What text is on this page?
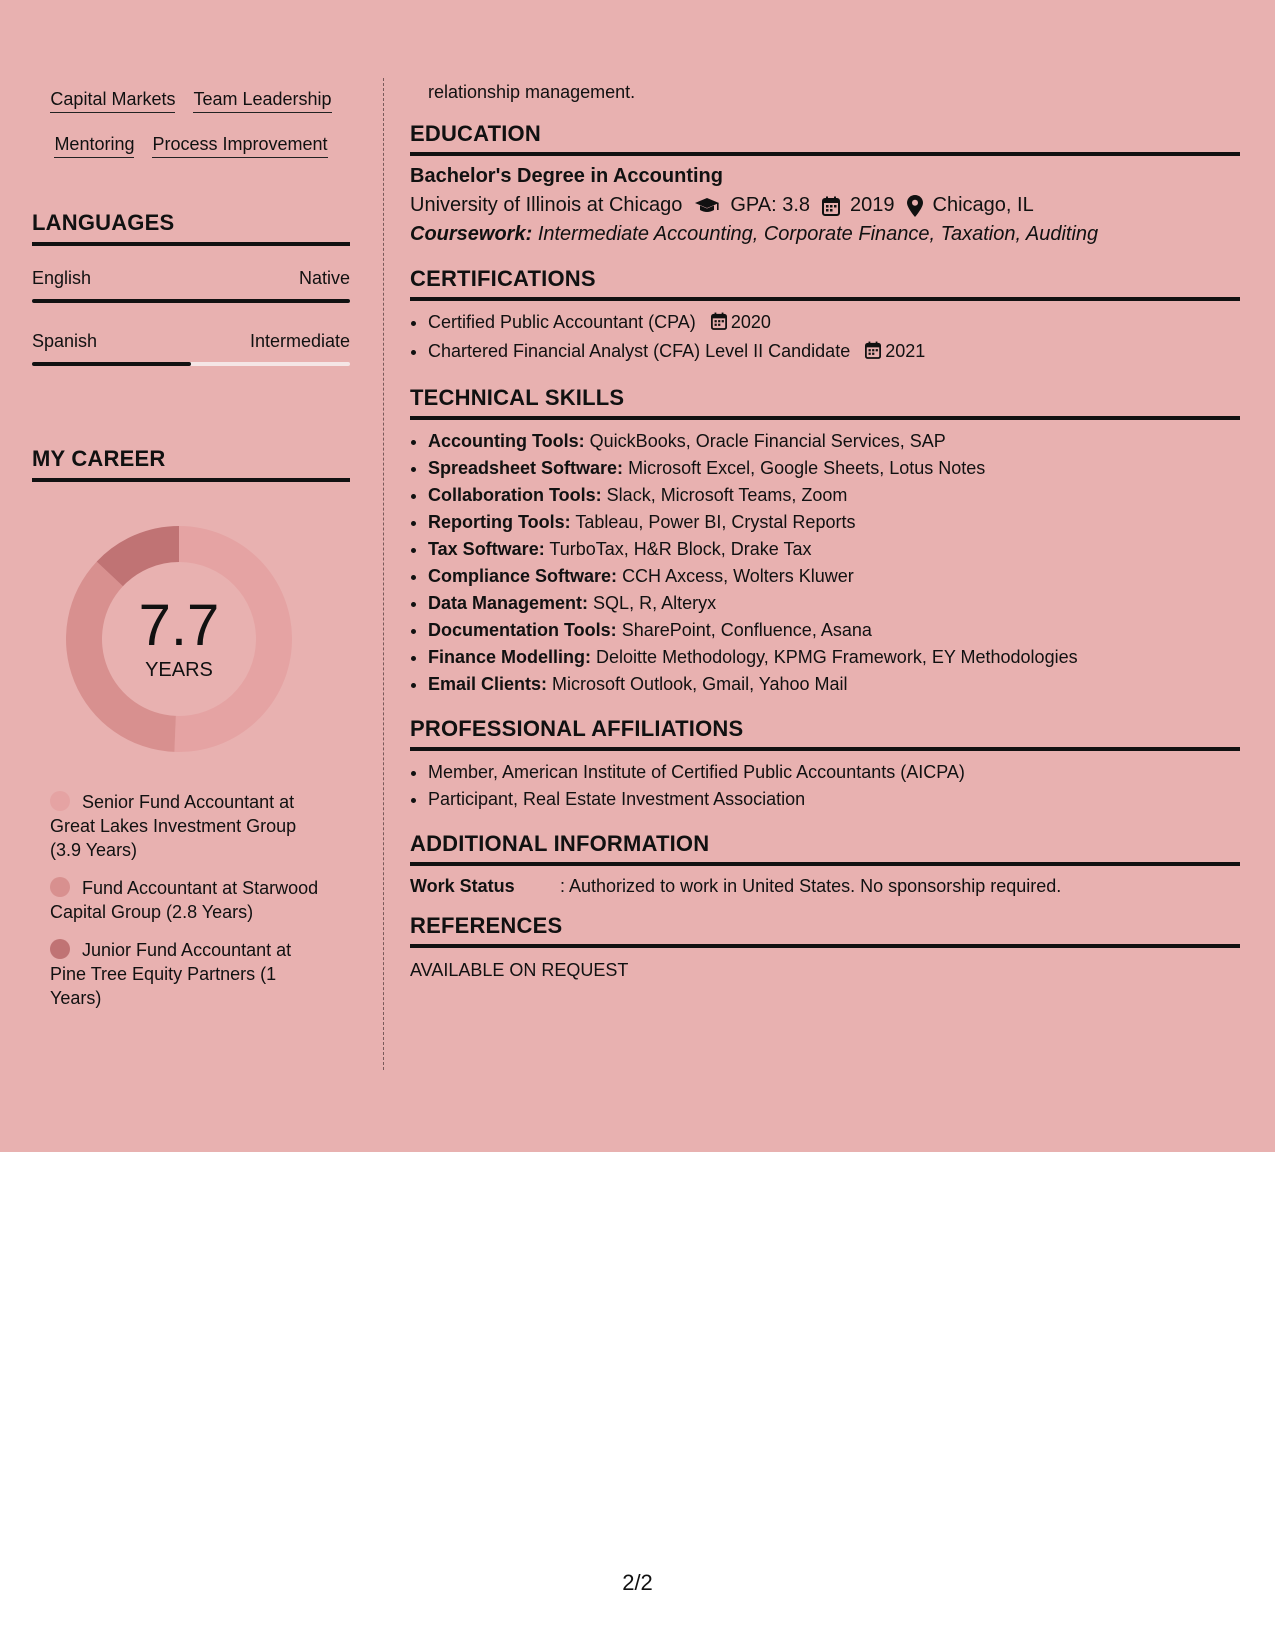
Capital Markets Team Leadership
Mentoring Process Improvement
LANGUAGES
English	Native
Spanish	Intermediate
MY CAREER
7.7
YEARS
Senior Fund Accountant at Great Lakes Investment Group (3.9 Years)
Fund Accountant at Starwood Capital Group (2.8 Years)
Junior Fund Accountant at Pine Tree Equity Partners (1 Years)
relationship management.
EDUCATION
Bachelor's Degree in Accounting
University of Illinois at Chicago GPA: 3.8 2019 Chicago, IL
Coursework: Intermediate Accounting, Corporate Finance, Taxation, Auditing
CERTIFICATIONS
• Certified Public Accountant (CPA) 2020
• Chartered Financial Analyst (CFA) Level II Candidate 2021
TECHNICAL SKILLS
• Accounting Tools: QuickBooks, Oracle Financial Services, SAP
• Spreadsheet Software: Microsoft Excel, Google Sheets, Lotus Notes
• Collaboration Tools: Slack, Microsoft Teams, Zoom
• Reporting Tools: Tableau, Power BI, Crystal Reports
• Tax Software: TurboTax, H&R Block, Drake Tax
• Compliance Software: CCH Axcess, Wolters Kluwer
• Data Management: SQL, R, Alteryx
• Documentation Tools: SharePoint, Confluence, Asana
• Finance Modelling: Deloitte Methodology, KPMG Framework, EY Methodologies
• Email Clients: Microsoft Outlook, Gmail, Yahoo Mail
PROFESSIONAL AFFILIATIONS
• Member, American Institute of Certified Public Accountants (AICPA)
• Participant, Real Estate Investment Association
ADDITIONAL INFORMATION
Work Status	: Authorized to work in United States. No sponsorship required.
REFERENCES
AVAILABLE ON REQUEST
2/2
